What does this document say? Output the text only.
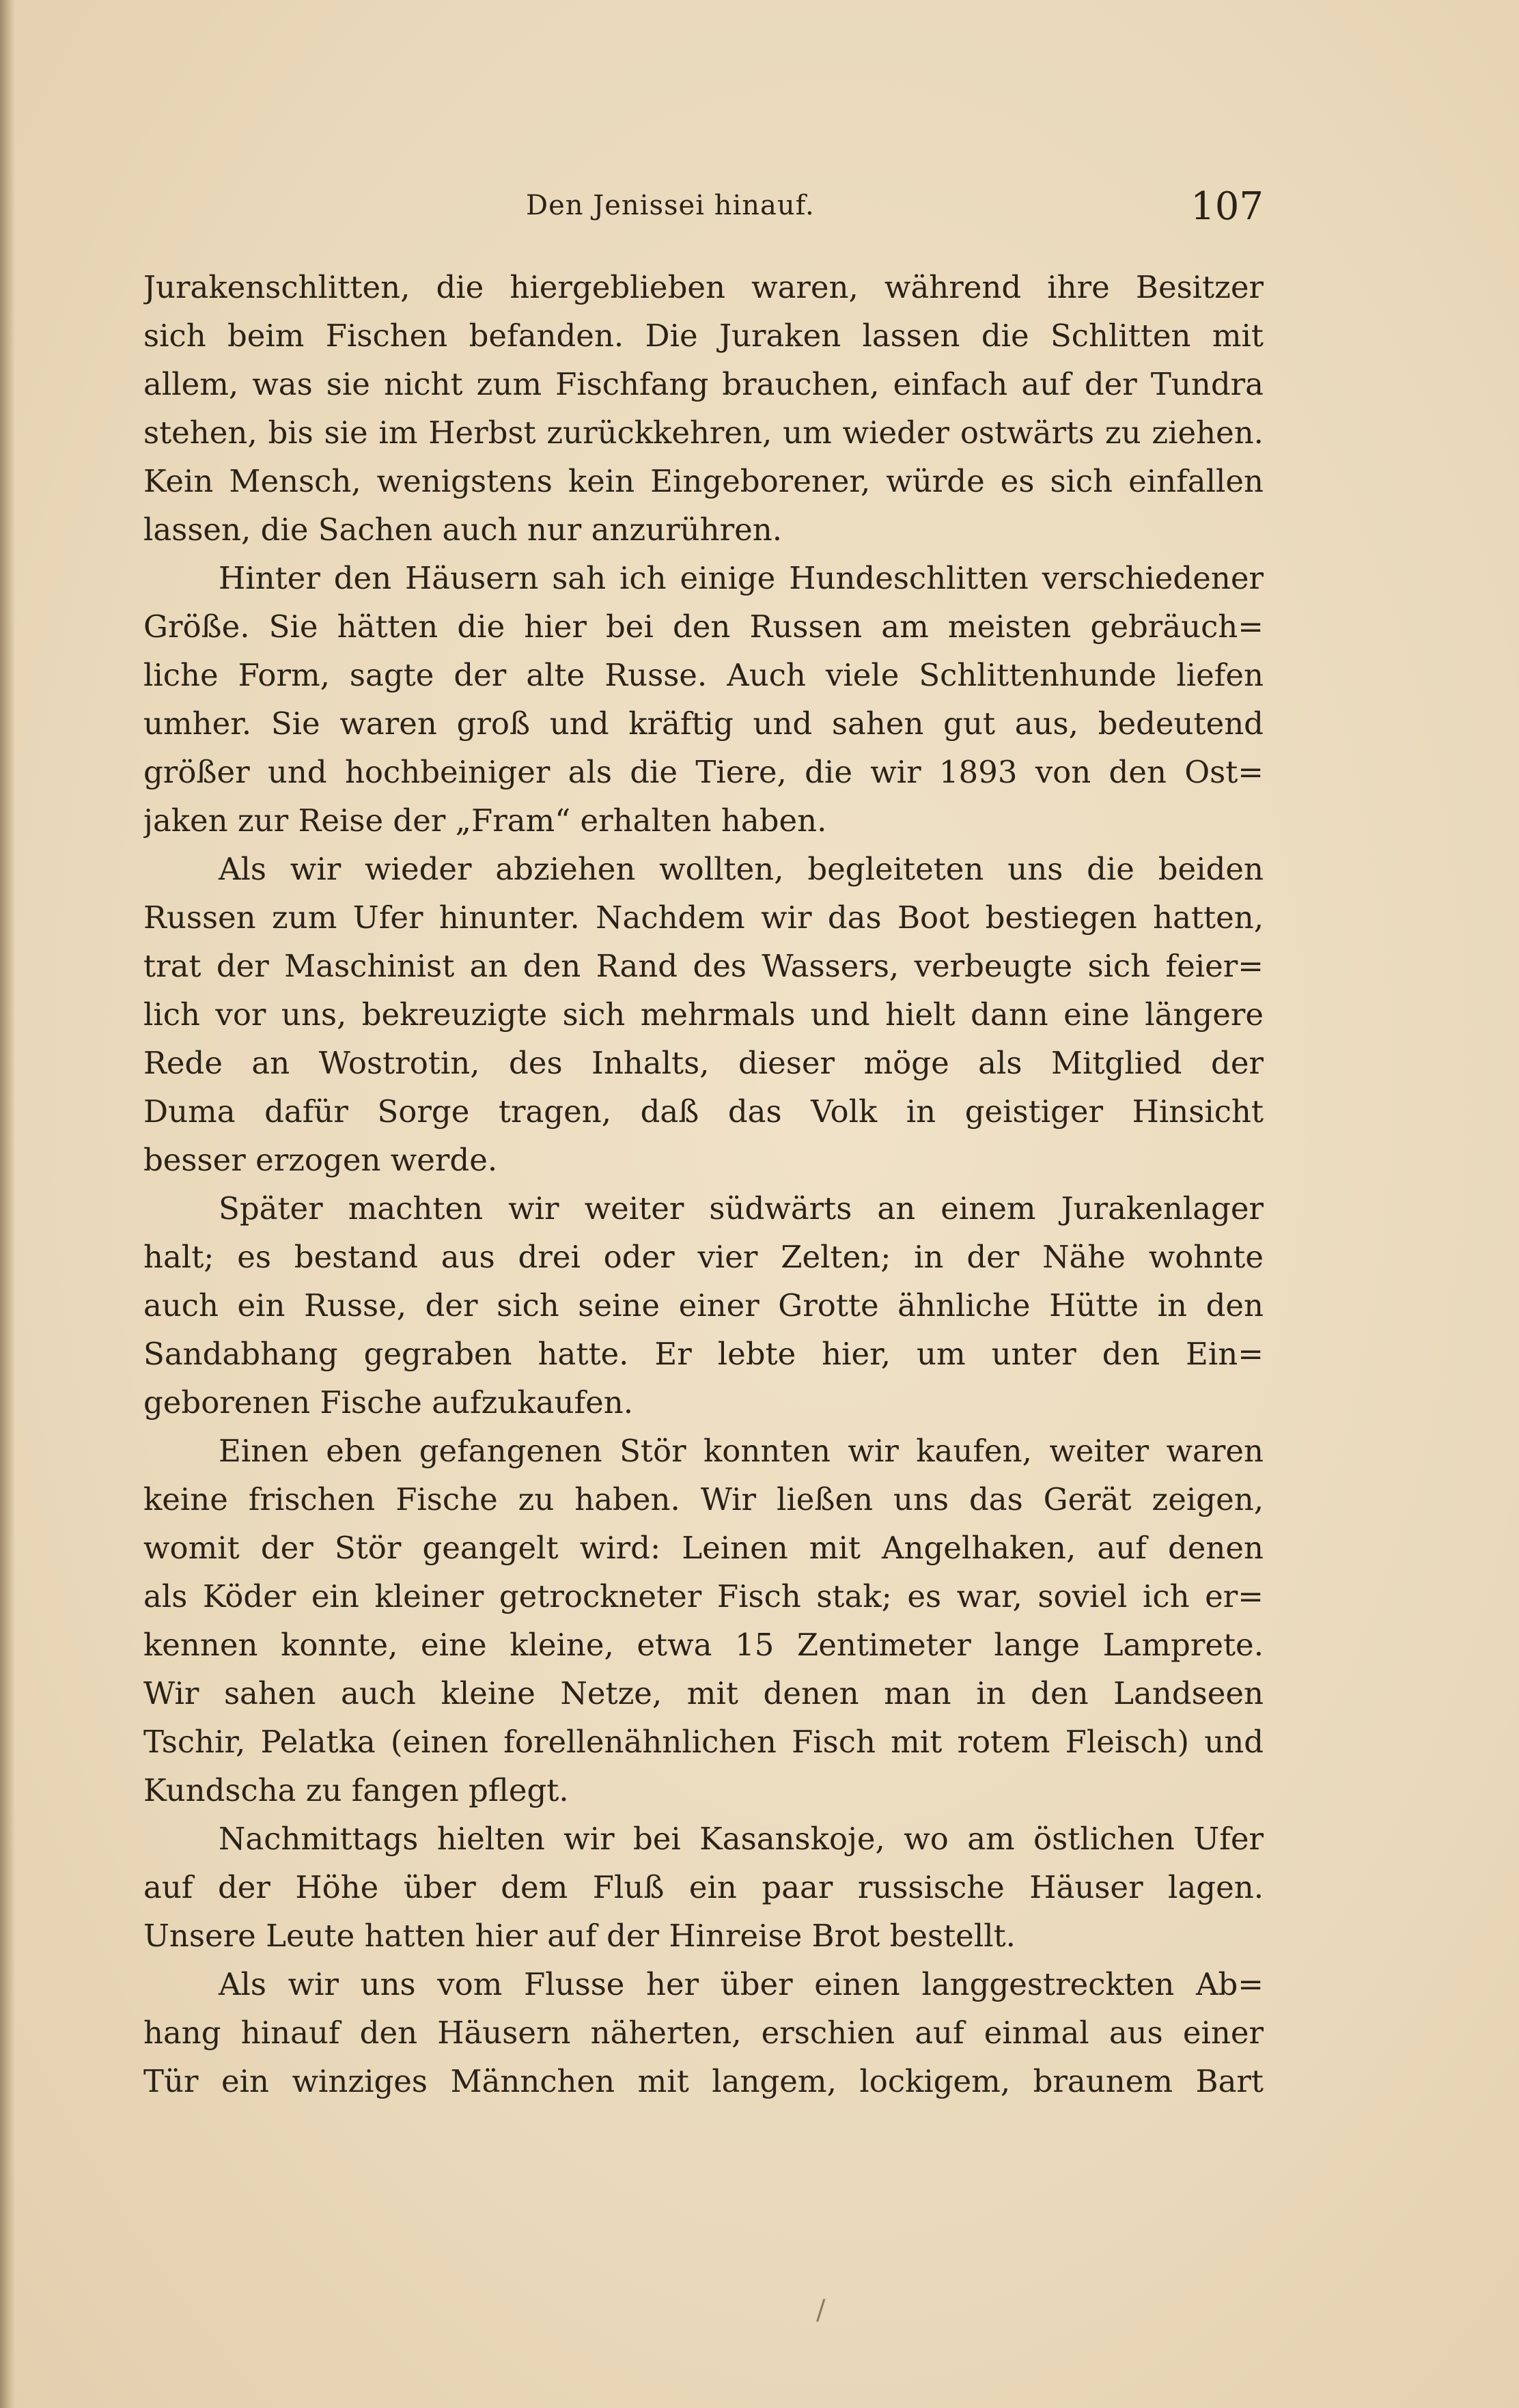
Den Jenissei hinauf.	107
Jurakenschlitten, die hiergeblieben waren, während ihre Besitzer
sich beim Fischen befanden. Die Juraken lassen die Schlitten mit
allem, was sie nicht zum Fischfang brauchen, einfach auf der Tundra
stehen, bis sie im Herbst zurückkehren, um wieder ostwärts zu ziehen.
Kein Mensch, wenigstens kein Eingeborener, würde es sich einfallen
lassen, die Sachen auch nur anzurühren.
Hinter den Häusern sah ich einige Hundeschlitten verschiedener
Größe. Sie hätten die hier bei den Russen am meisten gebräuch=
liche Form, sagte der alte Russe. Auch viele Schlittenhunde liefen
umher. Sie waren groß und kräftig und sahen gut aus, bedeutend
größer und hochbeiniger als die Tiere, die wir 1893 von den Ost=
jaken zur Reise der „Fram“ erhalten haben.
Als wir wieder abziehen wollten, begleiteten uns die beiden
Russen zum Ufer hinunter. Nachdem wir das Boot bestiegen hatten,
trat der Maschinist an den Rand des Wassers, verbeugte sich feier=
lich vor uns, bekreuzigte sich mehrmals und hielt dann eine längere
Rede an Wostrotin, des Inhalts, dieser möge als Mitglied der
Duma dafür Sorge tragen, daß das Volk in geistiger Hinsicht
besser erzogen werde.
Später machten wir weiter südwärts an einem Jurakenlager
halt; es bestand aus drei oder vier Zelten; in der Nähe wohnte
auch ein Russe, der sich seine einer Grotte ähnliche Hütte in den
Sandabhang gegraben hatte. Er lebte hier, um unter den Ein=
geborenen Fische aufzukaufen.
Einen eben gefangenen Stör konnten wir kaufen, weiter waren
keine frischen Fische zu haben. Wir ließen uns das Gerät zeigen,
womit der Stör geangelt wird: Leinen mit Angelhaken, auf denen
als Köder ein kleiner getrockneter Fisch stak; es war, soviel ich er=
kennen konnte, eine kleine, etwa 15 Zentimeter lange Lamprete.
Wir sahen auch kleine Netze, mit denen man in den Landseen
Tschir, Pelatka (einen forellenähnlichen Fisch mit rotem Fleisch) und
Kundscha zu fangen pflegt.
Nachmittags hielten wir bei Kasanskoje, wo am östlichen Ufer
auf der Höhe über dem Fluß ein paar russische Häuser lagen.
Unsere Leute hatten hier auf der Hinreise Brot bestellt.
Als wir uns vom Flusse her über einen langgestreckten Ab=
hang hinauf den Häusern näherten, erschien auf einmal aus einer
Tür ein winziges Männchen mit langem, lockigem, braunem Bart
/
